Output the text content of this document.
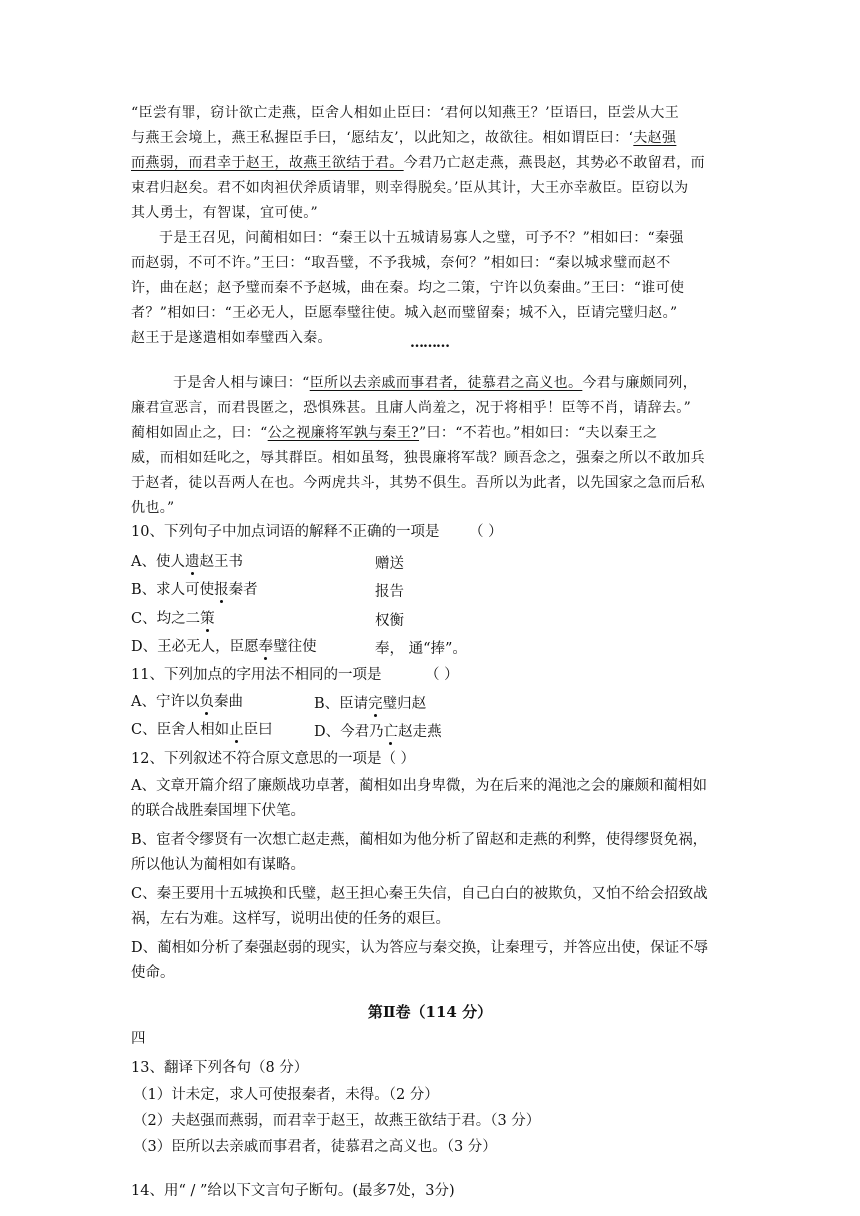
“臣尝有罪，窃计欲亡走燕，臣舍人相如止臣曰：‘君何以知燕王？’臣语曰，臣尝从大王
与燕王会境上，燕王私握臣手曰，‘愿结友’，以此知之，故欲往。相如谓臣曰：‘夫赵强
而燕弱，而君幸于赵王，故燕王欲结于君。今君乃亡赵走燕，燕畏赵，其势必不敢留君，而
束君归赵矣。君不如肉袒伏斧质请罪，则幸得脱矣。’臣从其计，大王亦幸赦臣。臣窃以为
其人勇士，有智谋，宜可使。”
于是王召见，问蔺相如曰：“秦王以十五城请易寡人之璧，可予不？”相如曰：“秦强
而赵弱，不可不许。”王曰：“取吾璧，不予我城，奈何？”相如曰：“秦以城求璧而赵不
许，曲在赵；赵予璧而秦不予赵城，曲在秦。均之二策，宁许以负秦曲。”王曰：“谁可使
者？”相如曰：“王必无人，臣愿奉璧往使。城入赵而璧留秦；城不入，臣请完璧归赵。”
赵王于是遂遣相如奉璧西入秦。	………
于是舍人相与谏曰：“臣所以去亲戚而事君者，徒慕君之高义也。今君与廉颇同列，
廉君宣恶言，而君畏匿之，恐惧殊甚。且庸人尚羞之，况于将相乎！臣等不肖，请辞去。”
蔺相如固止之，曰：“公之视廉将军孰与秦王?”曰：“不若也。”相如曰：“夫以秦王之
威，而相如廷叱之，辱其群臣。相如虽驽，独畏廉将军哉？顾吾念之，强秦之所以不敢加兵
于赵者，徒以吾两人在也。今两虎共斗，其势不俱生。吾所以为此者，以先国家之急而后私
仇也。”
10、下列句子中加点词语的解释不正确的一项是 （ ）
A、使人遗赵王书	赠送
B、求人可使报秦者	报告
C、均之二策	权衡
D、王必无人，臣愿奉璧往使	奉， 通“捧”。
11、下列加点的字用法不相同的一项是	（ ）
A、宁许以负秦曲	B、臣请完璧归赵
C、臣舍人相如止臣曰	D、今君乃亡赵走燕
12、下列叙述不符合原文意思的一项是（ ）
A、文章开篇介绍了廉颇战功卓著，蔺相如出身卑微，为在后来的渑池之会的廉颇和蔺相如
的联合战胜秦国埋下伏笔。
B、宦者令缪贤有一次想亡赵走燕，蔺相如为他分析了留赵和走燕的利弊，使得缪贤免祸，
所以他认为蔺相如有谋略。
C、秦王要用十五城换和氏璧，赵王担心秦王失信，自己白白的被欺负，又怕不给会招致战
祸，左右为难。这样写，说明出使的任务的艰巨。
D、蔺相如分析了秦强赵弱的现实，认为答应与秦交换，让秦理亏，并答应出使，保证不辱
使命。
第Ⅱ卷（114 分）
四
13、翻译下列各句（8 分）
（1）计未定，求人可使报秦者，未得。（2 分）
（2）夫赵强而燕弱，而君幸于赵王，故燕王欲结于君。（3 分）
（3）臣所以去亲戚而事君者，徒慕君之高义也。（3 分）
14、用“ / ”给以下文言句子断句。(最多7处，3分)
